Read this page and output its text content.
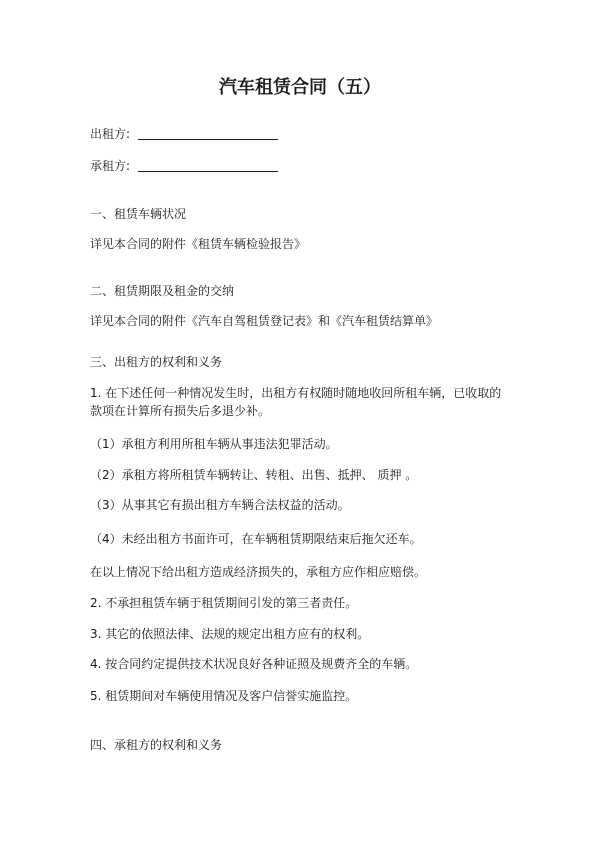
汽车租赁合同（五）
出租方:
承租方:
一、租赁车辆状况
详见本合同的附件《租赁车辆检验报告》
二、租赁期限及租金的交纳
详见本合同的附件《汽车自驾租赁登记表》和《汽车租赁结算单》
三、出租方的权利和义务
1. 在下述任何一种情况发生时，出租方有权随时随地收回所租车辆，已收取的
款项在计算所有损失后多退少补。
（1）承租方利用所租车辆从事违法犯罪活动。
（2）承租方将所租赁车辆转让、转租、出售、抵押、 质押 。
（3）从事其它有损出租方车辆合法权益的活动。
（4）未经出租方书面许可，在车辆租赁期限结束后拖欠还车。
在以上情况下给出租方造成经济损失的，承租方应作相应赔偿。
2. 不承担租赁车辆于租赁期间引发的第三者责任。
3. 其它的依照法律、法规的规定出租方应有的权利。
4. 按合同约定提供技术状况良好各种证照及规费齐全的车辆。
5. 租赁期间对车辆使用情况及客户信誉实施监控。
四、承租方的权利和义务
